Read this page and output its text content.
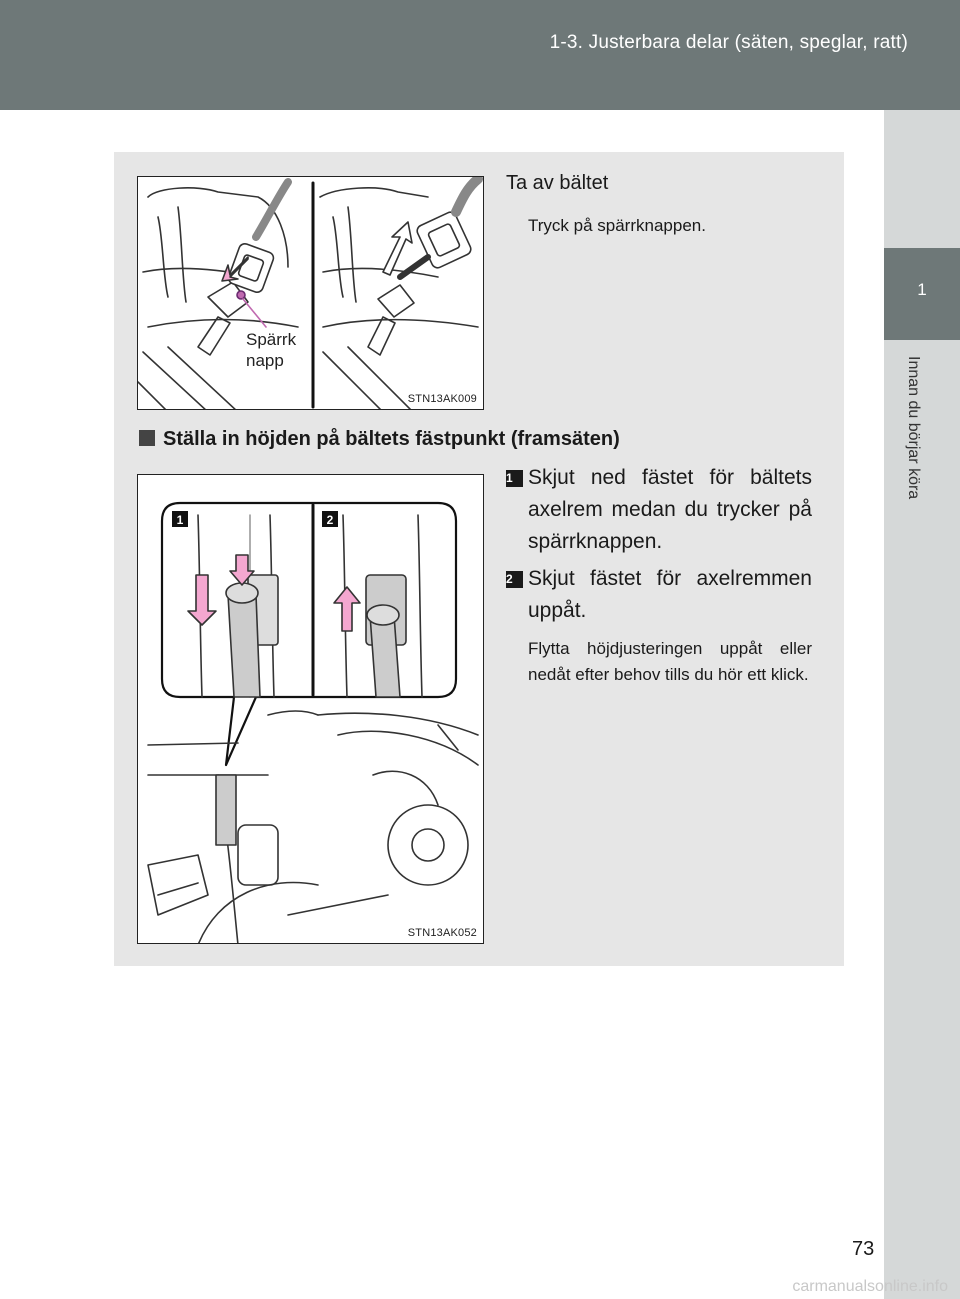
1-3. Justerbara delar (säten, speglar, ratt)
1
Innan du börjar köra
Spärrk
napp
STN13AK009
Ta av bältet
Tryck på spärrknappen.
Ställa in höjden på bältets fästpunkt (framsäten)
1	2
STN13AK052
1 Skjut ned fästet för bältets axelrem medan du trycker på spärrknappen.
2 Skjut fästet för axelremmen uppåt.
Flytta höjdjusteringen uppåt eller nedåt efter behov tills du hör ett klick.
73
carmanualsonline.info
